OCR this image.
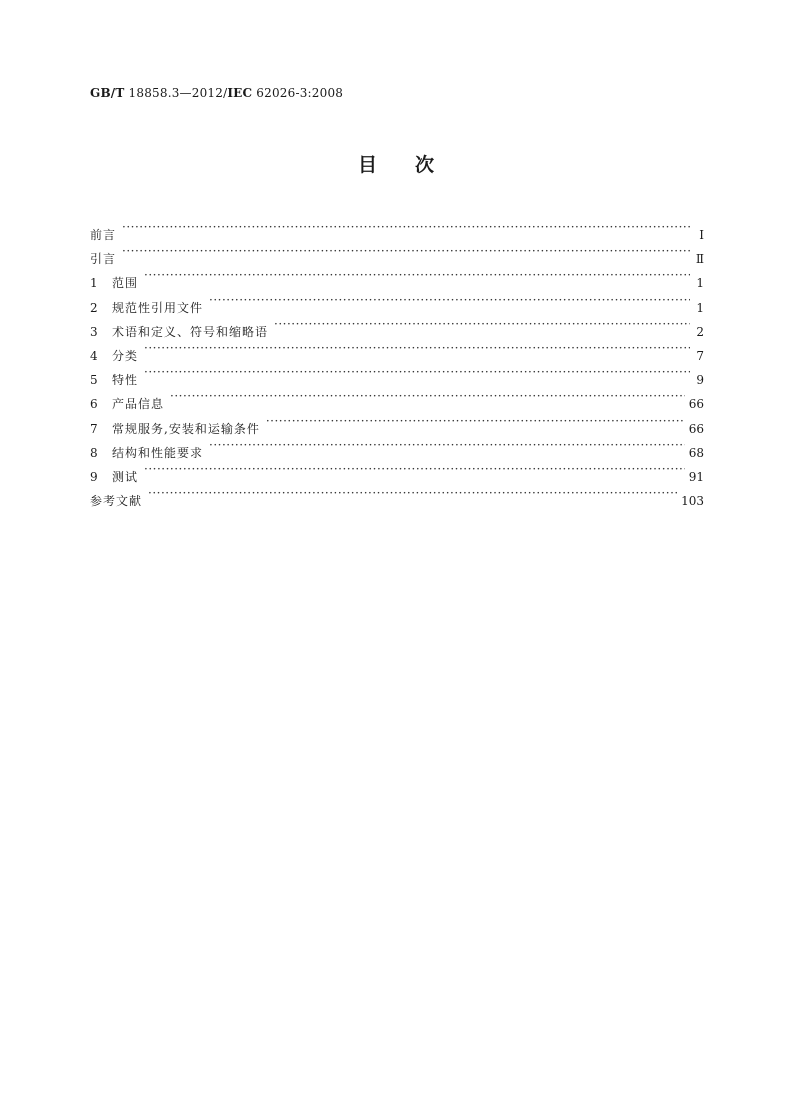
GB/T 18858.3—2012/IEC 62026-3:2008
目次
前言 ·····	Ⅰ
引言 ·····	Ⅱ
1	范围 ·····	1
2	规范性引用文件 ·····	1
3	术语和定义、符号和缩略语 ·····	2
4	分类 ·····	7
5	特性 ·····	9
6	产品信息 ·····	66
7	常规服务,安装和运输条件 ·····	66
8	结构和性能要求 ·····	68
9	测试 ·····	91
参考文献 ·····	103
